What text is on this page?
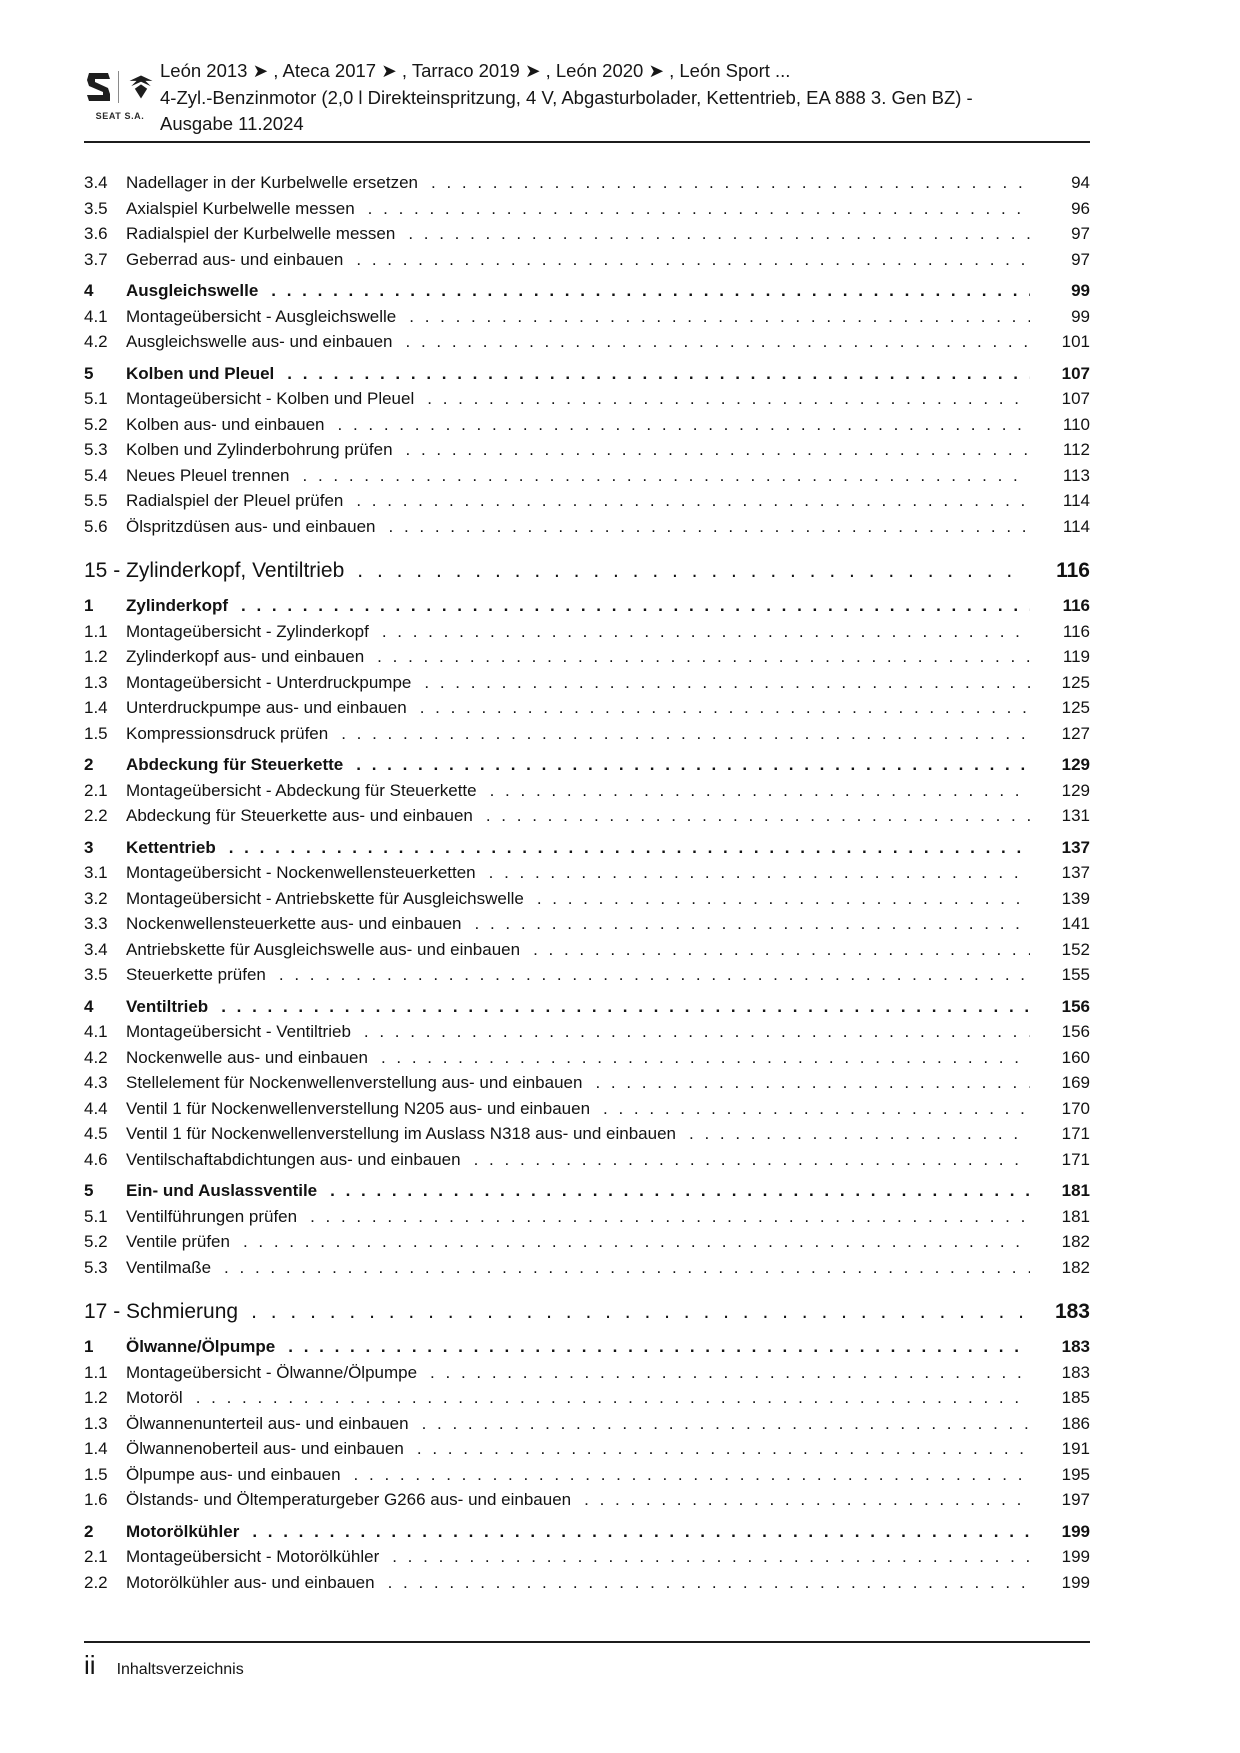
SEAT S.A.
León 2013 ➤ , Ateca 2017 ➤ , Tarraco 2019 ➤ , León 2020 ➤ , León Sport ...
4-Zyl.-Benzinmotor (2,0 l Direkteinspritzung, 4 V, Abgasturbolader, Kettentrieb, EA 888 3. Gen BZ) -
Ausgabe 11.2024
3.4	Nadellager in der Kurbelwelle ersetzen . . .	94
3.5	Axialspiel Kurbelwelle messen . . .	96
3.6	Radialspiel der Kurbelwelle messen . . .	97
3.7	Geberrad aus- und einbauen . . .	97
4	Ausgleichswelle . . .	99
4.1	Montageübersicht - Ausgleichswelle . . .	99
4.2	Ausgleichswelle aus- und einbauen . . .	101
5	Kolben und Pleuel . . .	107
5.1	Montageübersicht - Kolben und Pleuel . . .	107
5.2	Kolben aus- und einbauen . . .	110
5.3	Kolben und Zylinderbohrung prüfen . . .	112
5.4	Neues Pleuel trennen . . .	113
5.5	Radialspiel der Pleuel prüfen . . .	114
5.6	Ölspritzdüsen aus- und einbauen . . .	114
15 - Zylinderkopf, Ventiltrieb . . .	116
1	Zylinderkopf . . .	116
1.1	Montageübersicht - Zylinderkopf . . .	116
1.2	Zylinderkopf aus- und einbauen . . .	119
1.3	Montageübersicht - Unterdruckpumpe . . .	125
1.4	Unterdruckpumpe aus- und einbauen . . .	125
1.5	Kompressionsdruck prüfen . . .	127
2	Abdeckung für Steuerkette . . .	129
2.1	Montageübersicht - Abdeckung für Steuerkette . . .	129
2.2	Abdeckung für Steuerkette aus- und einbauen . . .	131
3	Kettentrieb . . .	137
3.1	Montageübersicht - Nockenwellensteuerketten . . .	137
3.2	Montageübersicht - Antriebskette für Ausgleichswelle . . .	139
3.3	Nockenwellensteuerkette aus- und einbauen . . .	141
3.4	Antriebskette für Ausgleichswelle aus- und einbauen . . .	152
3.5	Steuerkette prüfen . . .	155
4	Ventiltrieb . . .	156
4.1	Montageübersicht - Ventiltrieb . . .	156
4.2	Nockenwelle aus- und einbauen . . .	160
4.3	Stellelement für Nockenwellenverstellung aus- und einbauen . . .	169
4.4	Ventil 1 für Nockenwellenverstellung N205 aus- und einbauen . . .	170
4.5	Ventil 1 für Nockenwellenverstellung im Auslass N318 aus- und einbauen . . .	171
4.6	Ventilschaftabdichtungen aus- und einbauen . . .	171
5	Ein- und Auslassventile . . .	181
5.1	Ventilführungen prüfen . . .	181
5.2	Ventile prüfen . . .	182
5.3	Ventilmaße . . .	182
17 - Schmierung . . .	183
1	Ölwanne/Ölpumpe . . .	183
1.1	Montageübersicht - Ölwanne/Ölpumpe . . .	183
1.2	Motoröl . . .	185
1.3	Ölwannenunterteil aus- und einbauen . . .	186
1.4	Ölwannenoberteil aus- und einbauen . . .	191
1.5	Ölpumpe aus- und einbauen . . .	195
1.6	Ölstands- und Öltemperaturgeber G266 aus- und einbauen . . .	197
2	Motorölkühler . . .	199
2.1	Montageübersicht - Motorölkühler . . .	199
2.2	Motorölkühler aus- und einbauen . . .	199
ii Inhaltsverzeichnis
